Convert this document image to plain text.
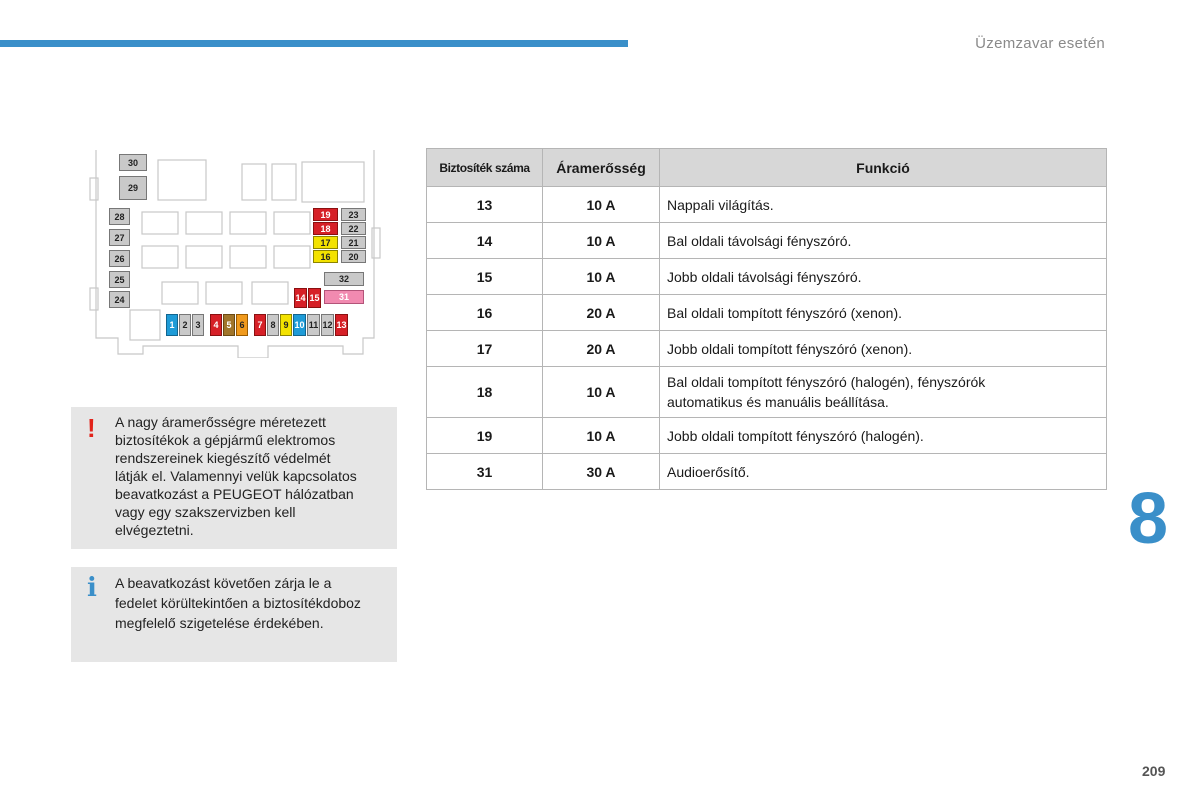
Üzemzavar esetén
30
29
28
27
26
25
24
19
18
17
16
23
22
21
20
32
31
14 15
1 2 3	4 5 6	7 8 9 10 11 12 13
! A nagy áramerősségre méretezett
biztosítékok a gépjármű elektromos
rendszereinek kiegészítő védelmét
látják el. Valamennyi velük kapcsolatos
beavatkozást a PEUGEOT hálózatban
vagy egy szakszervizben kell
elvégeztetni.
i A beavatkozást követően zárja le a
fedelet körültekintően a biztosítékdoboz
megfelelő szigetelése érdekében.
Biztosíték száma	Áramerősség	Funkció
13	10 A	Nappali világítás.

14	10 A	Bal oldali távolsági fényszóró.

15	10 A	Jobb oldali távolsági fényszóró.

16	20 A	Bal oldali tompított fényszóró (xenon).

17	20 A	Jobb oldali tompított fényszóró (xenon).

18	10 A	Bal oldali tompított fényszóró (halogén), fényszórók
automatikus és manuális beállítása.

19	10 A	Jobb oldali tompított fényszóró (halogén).

31	30 A	Audioerősítő.
8
209
